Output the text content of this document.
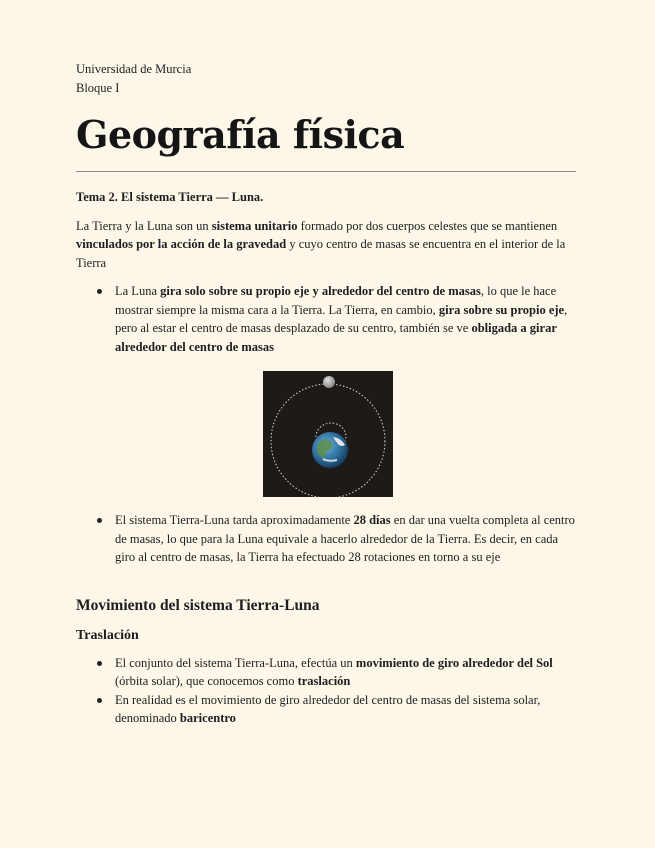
Universidad de Murcia
Bloque I
Geografía física

Tema 2. El sistema Tierra — Luna.

La Tierra y la Luna son un sistema unitario formado por dos cuerpos celestes que se mantienen vinculados por la acción de la gravedad y cuyo centro de masas se encuentra en el interior de la Tierra

La Luna gira solo sobre su propio eje y alrededor del centro de masas, lo que le hace mostrar siempre la misma cara a la Tierra. La Tierra, en cambio, gira sobre su propio eje, pero al estar el centro de masas desplazado de su centro, también se ve obligada a girar alrededor del centro de masas
El sistema Tierra-Luna tarda aproximadamente 28 días en dar una vuelta completa al centro de masas, lo que para la Luna equivale a hacerlo alrededor de la Tierra. Es decir, en cada giro al centro de masas, la Tierra ha efectuado 28 rotaciones en torno a su eje

Movimiento del sistema Tierra-Luna

Traslación

El conjunto del sistema Tierra-Luna, efectúa un movimiento de giro alrededor del Sol (órbita solar), que conocemos como traslación
En realidad es el movimiento de giro alrededor del centro de masas del sistema solar, denominado baricentro
